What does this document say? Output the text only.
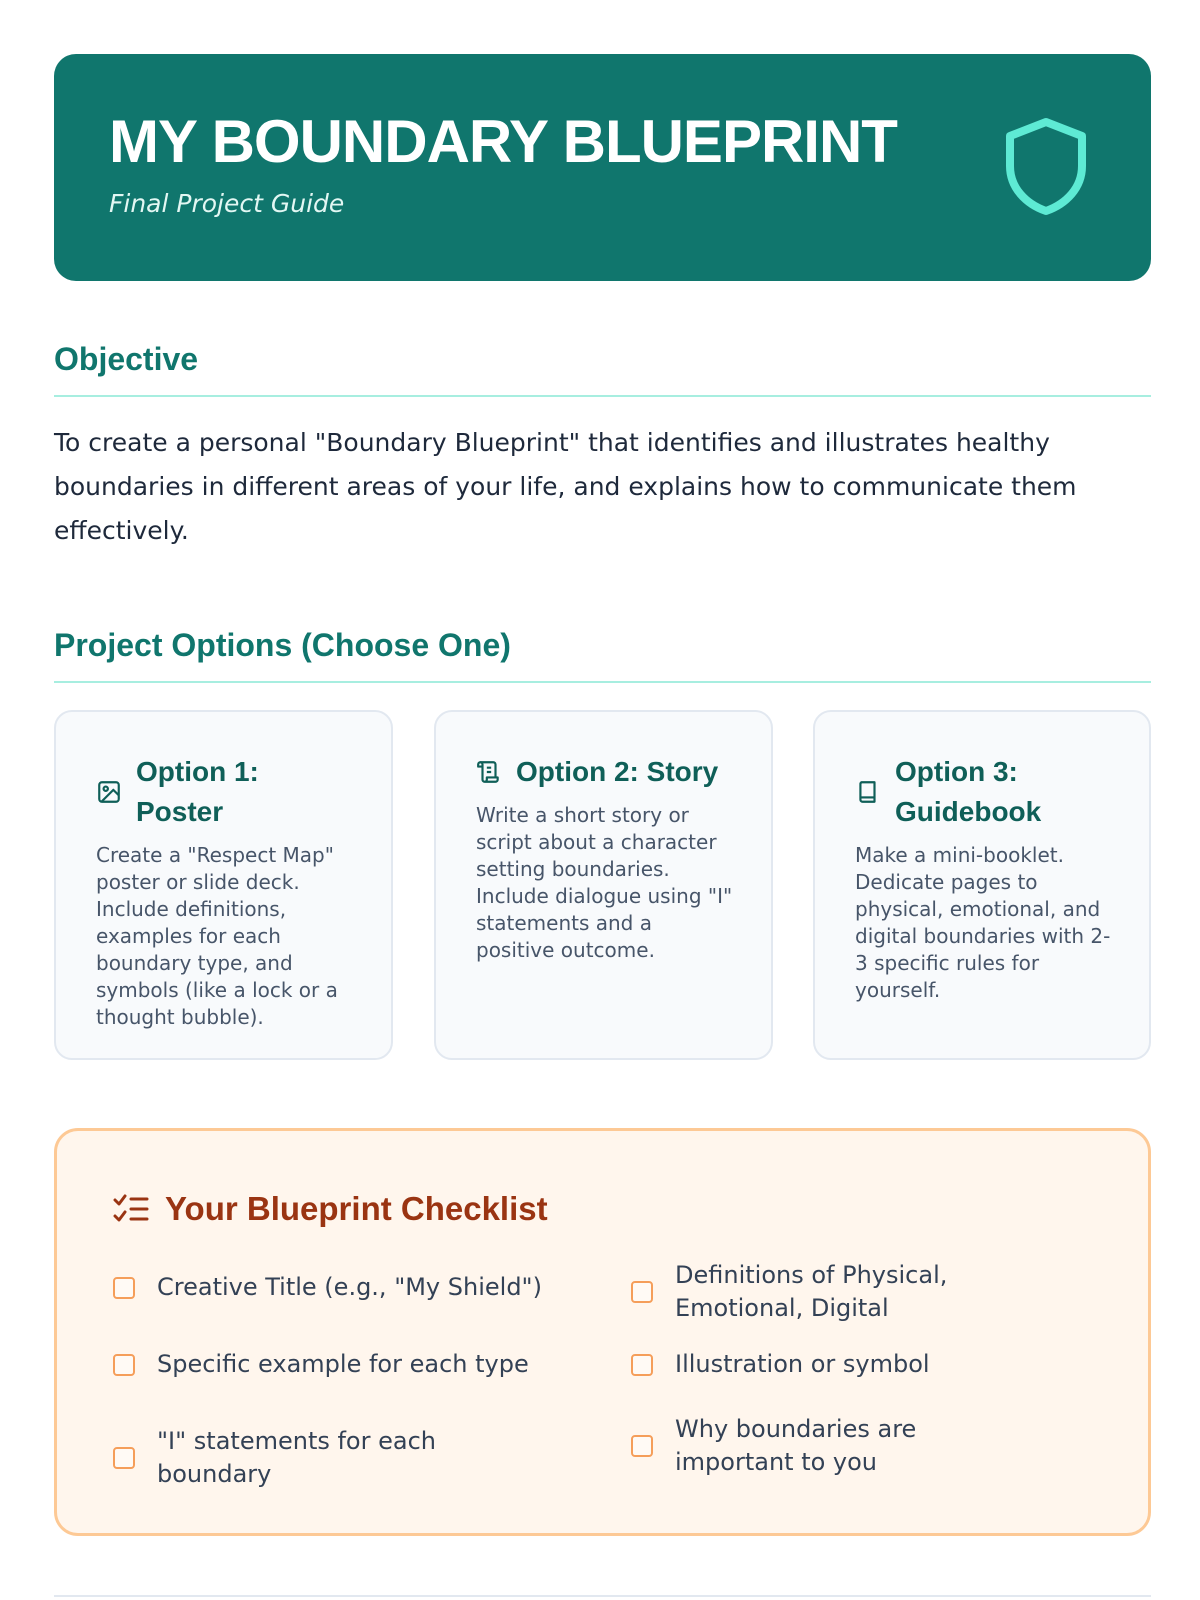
MY BOUNDARY BLUEPRINT

Final Project Guide

Objective

To create a personal "Boundary Blueprint" that identifies and illustrates healthy boundaries in different areas of your life, and explains how to communicate them effectively.

Project Options (Choose One)
Option 1: Poster

Create a "Respect Map" poster or slide deck. Include definitions, examples for each boundary type, and symbols (like a lock or a thought bubble).

Option 2: Story

Write a short story or script about a character setting boundaries. Include dialogue using "I" statements and a positive outcome.

Option 3: Guidebook

Make a mini-booklet. Dedicate pages to physical, emotional, and digital boundaries with 2-3 specific rules for yourself.

Your Blueprint Checklist
Creative Title (e.g., "My Shield")	Definitions of Physical, Emotional, Digital
Specific example for each type	Illustration or symbol
"I" statements for each boundary
Why boundaries are important to you
